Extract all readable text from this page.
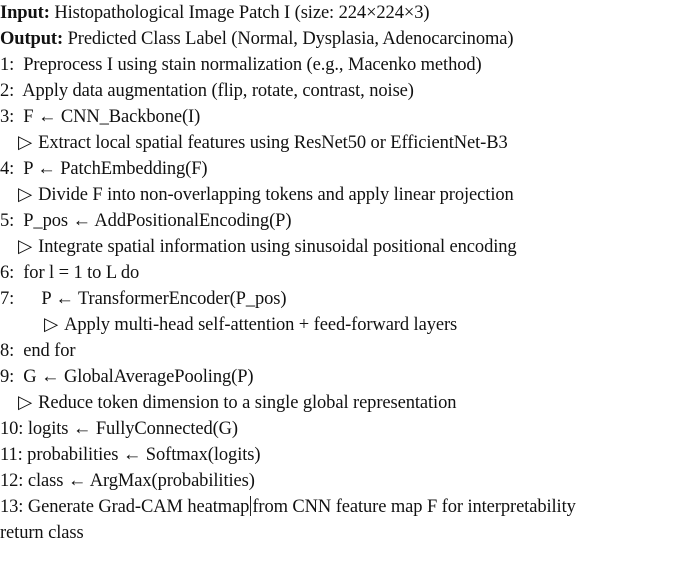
Input: Histopathological Image Patch I (size: 224×224×3)
Output: Predicted Class Label (Normal, Dysplasia, Adenocarcinoma)
1:  Preprocess I using stain normalization (e.g., Macenko method)
2:  Apply data augmentation (flip, rotate, contrast, noise)
3:  F ← CNN_Backbone(I)
▷ Extract local spatial features using ResNet50 or EfficientNet-B3
4:  P ← PatchEmbedding(F)
▷ Divide F into non-overlapping tokens and apply linear projection
5:  P_pos ← AddPositionalEncoding(P)
▷ Integrate spatial information using sinusoidal positional encoding
6:  for l = 1 to L do
7:      P ← TransformerEncoder(P_pos)
▷ Apply multi-head self-attention + feed-forward layers
8:  end for
9:  G ← GlobalAveragePooling(P)
▷ Reduce token dimension to a single global representation
10: logits ← FullyConnected(G)
11: probabilities ← Softmax(logits)
12: class ← ArgMax(probabilities)
13: Generate Grad-CAM heatmap from CNN feature map F for interpretability
return class
